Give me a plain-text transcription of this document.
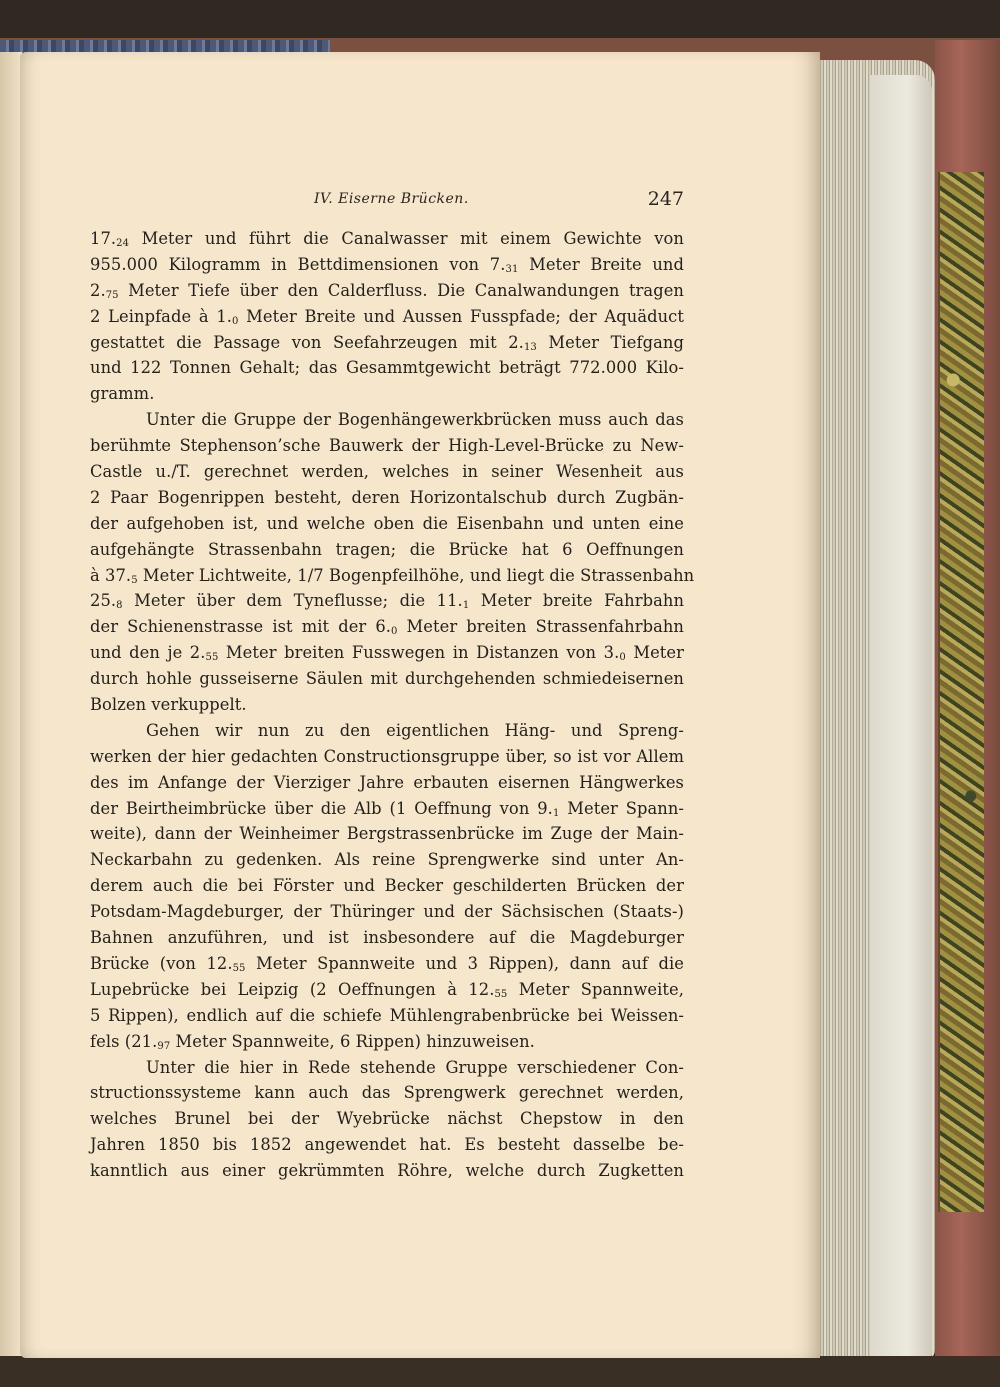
IV. Eiserne Brücken.	247
$17._{24}$ Meter und führt die Canalwasser mit einem Gewichte von
955.000 Kilogramm in Bettdimensionen von $7._{31}$ Meter Breite und
$2._{75}$ Meter Tiefe über den Calderfluss. Die Canalwandungen tragen
2 Leinpfade à $1._0$ Meter Breite und Aussen Fusspfade; der Aquäduct
gestattet die Passage von Seefahrzeugen mit $2._{13}$ Meter Tiefgang
und 122 Tonnen Gehalt; das Gesammtgewicht beträgt 772.000 Kilo-
gramm.
Unter die Gruppe der Bogenhängewerkbrücken muss auch das
berühmte Stephenson’sche Bauwerk der High-Level-Brücke zu New-
Castle u./T. gerechnet werden, welches in seiner Wesenheit aus
2 Paar Bogenrippen besteht, deren Horizontalschub durch Zugbän-
der aufgehoben ist, und welche oben die Eisenbahn und unten eine
aufgehängte Strassenbahn tragen; die Brücke hat 6 Oeffnungen
à $37._5$ Meter Lichtweite, 1/7 Bogenpfeilhöhe, und liegt die Strassenbahn
$25._8$ Meter über dem Tyneflusse; die $11._1$ Meter breite Fahrbahn
der Schienenstrasse ist mit der $6._0$ Meter breiten Strassenfahrbahn
und den je $2._{55}$ Meter breiten Fusswegen in Distanzen von $3._0$ Meter
durch hohle gusseiserne Säulen mit durchgehenden schmiedeisernen
Bolzen verkuppelt.
Gehen wir nun zu den eigentlichen Häng- und Spreng-
werken der hier gedachten Constructionsgruppe über, so ist vor Allem
des im Anfange der Vierziger Jahre erbauten eisernen Hängwerkes
der Beirtheimbrücke über die Alb (1 Oeffnung von $9._1$ Meter Spann-
weite), dann der Weinheimer Bergstrassenbrücke im Zuge der Main-
Neckarbahn zu gedenken. Als reine Sprengwerke sind unter An-
derem auch die bei Förster und Becker geschilderten Brücken der
Potsdam-Magdeburger, der Thüringer und der Sächsischen (Staats-)
Bahnen anzuführen, und ist insbesondere auf die Magdeburger
Brücke (von $12._{55}$ Meter Spannweite und 3 Rippen), dann auf die
Lupebrücke bei Leipzig (2 Oeffnungen à $12._{55}$ Meter Spannweite,
5 Rippen), endlich auf die schiefe Mühlengrabenbrücke bei Weissen-
fels ($21._{97}$ Meter Spannweite, 6 Rippen) hinzuweisen.
Unter die hier in Rede stehende Gruppe verschiedener Con-
structionssysteme kann auch das Sprengwerk gerechnet werden,
welches Brunel bei der Wyebrücke nächst Chepstow in den
Jahren 1850 bis 1852 angewendet hat. Es besteht dasselbe be-
kanntlich aus einer gekrümmten Röhre, welche durch Zugketten
